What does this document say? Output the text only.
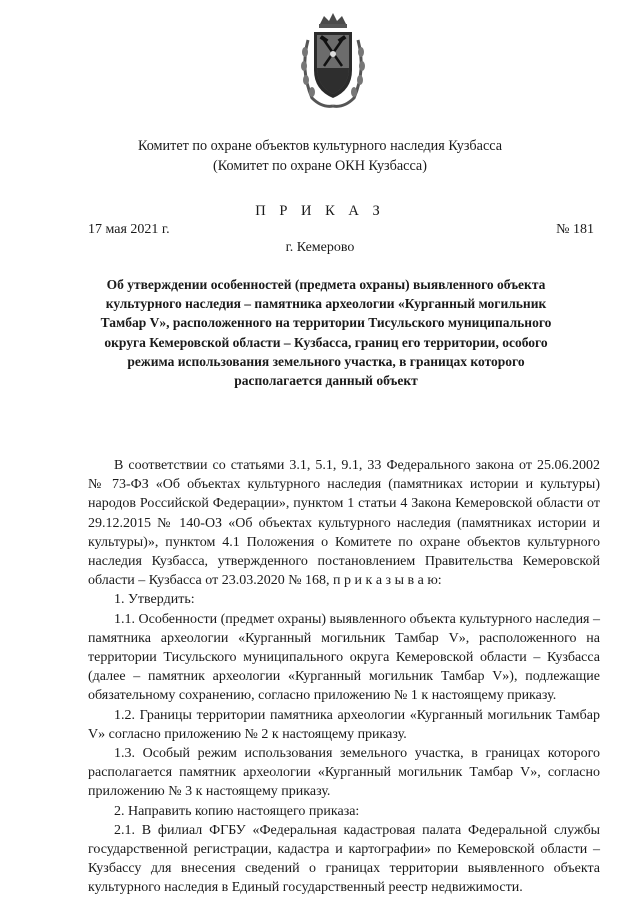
Комитет по охране объектов культурного наследия Кузбасса
(Комитет по охране ОКН Кузбасса)
П Р И К А З
17 мая 2021 г.	№ 181
г. Кемерово
Об утверждении особенностей (предмета охраны) выявленного объекта культурного наследия – памятника археологии «Курганный могильник Тамбар V», расположенного на территории Тисульского муниципального округа Кемеровской области – Кузбасса, границ его территории, особого режима использования земельного участка, в границах которого располагается данный объект

В соответствии со статьями 3.1, 5.1, 9.1, 33 Федерального закона от 25.06.2002 № 73-ФЗ «Об объектах культурного наследия (памятниках истории и культуры) народов Российской Федерации», пунктом 1 статьи 4 Закона Кемеровской области от 29.12.2015 № 140-ОЗ «Об объектах культурного наследия (памятниках истории и культуры)», пунктом 4.1 Положения о Комитете по охране объектов культурного наследия Кузбасса, утвержденного постановлением Правительства Кемеровской области – Кузбасса от 23.03.2020 № 168, п р и к а з ы в а ю:

1. Утвердить:

1.1. Особенности (предмет охраны) выявленного объекта культурного наследия – памятника археологии «Курганный могильник Тамбар V», расположенного на территории Тисульского муниципального округа Кемеровской области – Кузбасса (далее – памятник археологии «Курганный могильник Тамбар V»), подлежащие обязательному сохранению, согласно приложению № 1 к настоящему приказу.

1.2. Границы территории памятника археологии «Курганный могильник Тамбар V» согласно приложению № 2 к настоящему приказу.

1.3. Особый режим использования земельного участка, в границах которого располагается памятник археологии «Курганный могильник Тамбар V», согласно приложению № 3 к настоящему приказу.

2. Направить копию настоящего приказа:

2.1. В филиал ФГБУ «Федеральная кадастровая палата Федеральной службы государственной регистрации, кадастра и картографии» по Кемеровской области – Кузбассу для внесения сведений о границах территории выявленного объекта культурного наследия в Единый государственный реестр недвижимости.
